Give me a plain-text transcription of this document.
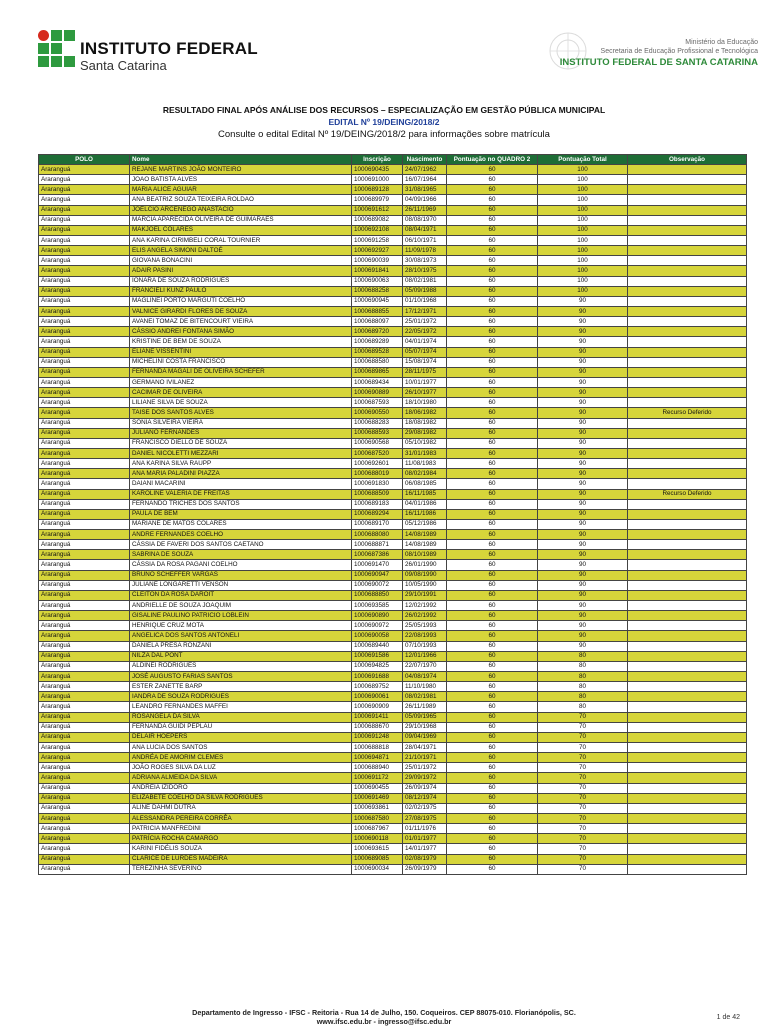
INSTITUTO FEDERAL
Santa Catarina
Ministério da Educação
Secretaria de Educação Profissional e Tecnológica
INSTITUTO FEDERAL DE SANTA CATARINA
RESULTADO FINAL APÓS ANÁLISE DOS RECURSOS – ESPECIALIZAÇÃO EM GESTÃO PÚBLICA MUNICIPAL
EDITAL Nº 19/DEING/2018/2
Consulte o edital Edital Nº 19/DEING/2018/2 para informações sobre matrícula
POLO	Nome	Inscrição	Nascimento	Pontuação no QUADRO 2	Pontuação Total	Observação
Araranguá	REJANE MARTINS JOÃO MONTEIRO	1000690435	24/07/1962	60	100	
Araranguá	JOAO BATISTA ALVES	1000691000	16/07/1964	60	100	
Araranguá	MARIA ALICE AGUIAR	1000689128	31/08/1965	60	100	
Araranguá	ANA BEATRIZ SOUZA TEIXEIRA ROLDAO	1000689979	04/09/1966	60	100	
Araranguá	JOÉLCIO ARCENEGO ANASTACIO	1000691612	26/11/1969	60	100	
Araranguá	MARCIA APARECIDA OLIVEIRA DE GUIMARÃES	1000689082	08/08/1970	60	100	
Araranguá	MAKJOEL COLARES	1000692108	08/04/1971	60	100	
Araranguá	ANA KARINA CIRIMBELI CORAL TOURNIER	1000691258	06/10/1971	60	100	
Araranguá	ELIS ANGELA SIMONI DALTOÉ	1000692927	11/09/1978	60	100	
Araranguá	GIOVANA BONACINI	1000690039	30/08/1973	60	100	
Araranguá	ADAIR PASINI	1000691841	28/10/1975	60	100	
Araranguá	IONARA DE SOUZA RODRIGUES	1000690063	08/02/1981	60	100	
Araranguá	FRANCIELI KUNZ PAULO	1000688258	05/09/1988	60	100	
Araranguá	MAGLINEI PORTO MARGUTI COELHO	1000690945	01/10/1968	60	90	
Araranguá	VALNICE GIRARDI FLORES DE SOUZA	1000688855	17/12/1971	60	90	
Araranguá	AVANEI TOMAZ DE BITENCOURT VIEIRA	1000688097	25/01/1972	60	90	
Araranguá	CÁSSIO ANDREI FONTANA SIMÃO	1000689720	22/05/1972	60	90	
Araranguá	KRISTINE DE BEM DE SOUZA	1000689289	04/01/1974	60	90	
Araranguá	ELIANE VISSENTINI	1000689528	05/07/1974	60	90	
Araranguá	MICHELINI COSTA FRANCISCO	1000688580	15/08/1974	60	90	
Araranguá	FERNANDA MAGALI DE OLIVEIRA SCHEFER	1000689865	28/11/1975	60	90	
Araranguá	GERMANO IVILANEZ	1000689434	10/01/1977	60	90	
Araranguá	CACIMAR DE OLIVEIRA	1000690889	26/10/1977	60	90	
Araranguá	LILIANE SILVA DE SOUZA	1000687593	18/10/1980	60	90	
Araranguá	TAISE DOS SANTOS ALVES	1000690550	18/06/1982	60	90	Recurso Deferido
Araranguá	SÔNIA SILVEIRA VIEIRA	1000688283	18/08/1982	60	90	
Araranguá	JULIANO FERNANDES	1000688593	29/08/1982	60	90	
Araranguá	FRANCISCO DIELLO DE SOUZA	1000690568	05/10/1982	60	90	
Araranguá	DANIEL NICOLETTI MEZZARI	1000687520	31/01/1983	60	90	
Araranguá	ANA KARINA SILVA RAUPP	1000692601	11/08/1983	60	90	
Araranguá	ANA MARIA PALADINI PIAZZA	1000688019	08/02/1984	60	90	
Araranguá	DAIANI MACARINI	1000691830	06/08/1985	60	90	
Araranguá	KAROLINE VALÉRIA DE FREITAS	1000688509	16/11/1985	60	90	Recurso Deferido
Araranguá	FERNANDO TRICHÊS DOS SANTOS	1000689183	04/01/1986	60	90	
Araranguá	PAULA DE BEM	1000689294	16/11/1986	60	90	
Araranguá	MARIANE DE MATOS COLARES	1000689170	05/12/1986	60	90	
Araranguá	ANDRE FERNANDES COELHO	1000688080	14/08/1989	60	90	
Araranguá	CÁSSIA DE FAVERI DOS SANTOS CAETANO	1000688871	14/08/1989	60	90	
Araranguá	SABRINA DE SOUZA	1000687386	08/10/1989	60	90	
Araranguá	CÁSSIA DA ROSA PAGANI COELHO	1000691470	26/01/1990	60	90	
Araranguá	BRUNO SCHEFFER VARGAS	1000690947	09/08/1990	60	90	
Araranguá	JULIANE LONGARETTI VENSON	1000690072	10/05/1990	60	90	
Araranguá	CLEITON DA ROSA DAROIT	1000688850	29/10/1991	60	90	
Araranguá	ANDRIELLE DE SOUZA JOAQUIM	1000693585	12/02/1992	60	90	
Araranguá	GISALINE PAULINO PATRICIO LOBLEIN	1000690890	26/02/1992	60	90	
Araranguá	HENRIQUE CRUZ MOTA	1000690972	25/05/1993	60	90	
Araranguá	ANGELICA DOS SANTOS ANTONELI	1000690058	22/08/1993	60	90	
Araranguá	DANIELA PRESA RONZANI	1000689440	07/10/1993	60	90	
Araranguá	NILZA DAL PONT	1000691586	12/01/1966	60	80	
Araranguá	ALDINEI RODRIGUES	1000694825	22/07/1970	60	80	
Araranguá	JOSÉ AUGUSTO FARIAS SANTOS	1000691688	04/08/1974	60	80	
Araranguá	ESTER ZANETTE BARP	1000689752	11/10/1980	60	80	
Araranguá	IANDRA DE SOUZA RODRIGUES	1000690061	08/02/1981	60	80	
Araranguá	LEANDRO FERNANDES MAFFEI	1000690909	26/11/1989	60	80	
Araranguá	ROSANGELA DA SILVA	1000691411	05/09/1965	60	70	
Araranguá	FERNANDA GUIDI PEPLAU	1000688670	29/10/1968	60	70	
Araranguá	DELAIR HOEPERS	1000691248	09/04/1969	60	70	
Araranguá	ANA LUCIA DOS SANTOS	1000688818	28/04/1971	60	70	
Araranguá	ANDRÉA DE AMORIM CLEMES	1000694871	21/10/1971	60	70	
Araranguá	JOÃO ROGES SILVA DA LUZ	1000688940	25/01/1972	60	70	
Araranguá	ADRIANA ALMEIDA DA SILVA	1000691172	29/09/1972	60	70	
Araranguá	ANDREIA IZIDORO	1000690455	26/09/1974	60	70	
Araranguá	ELIZABETE COELHO DA SILVA RODRIGUES	1000691469	08/12/1974	60	70	
Araranguá	ALINE DAHMI DUTRA	1000693861	02/02/1975	60	70	
Araranguá	ALESSANDRA PEREIRA CORRÊA	1000687580	27/08/1975	60	70	
Araranguá	PATRICIA MANFREDINI	1000687967	01/11/1976	60	70	
Araranguá	PATRÍCIA ROCHA CAMARGO	1000690118	01/01/1977	60	70	
Araranguá	KARINI FIDÉLIS SOUZA	1000693615	14/01/1977	60	70	
Araranguá	CLARICE DE LURDES MADEIRA	1000689085	02/08/1979	60	70	
Araranguá	TEREZINHA SEVERINO	1000690034	26/09/1979	60	70	
Departamento de Ingresso - IFSC - Reitoria - Rua 14 de Julho, 150. Coqueiros. CEP 88075-010. Florianópolis, SC.
www.ifsc.edu.br - ingresso@ifsc.edu.br	1 de 42
